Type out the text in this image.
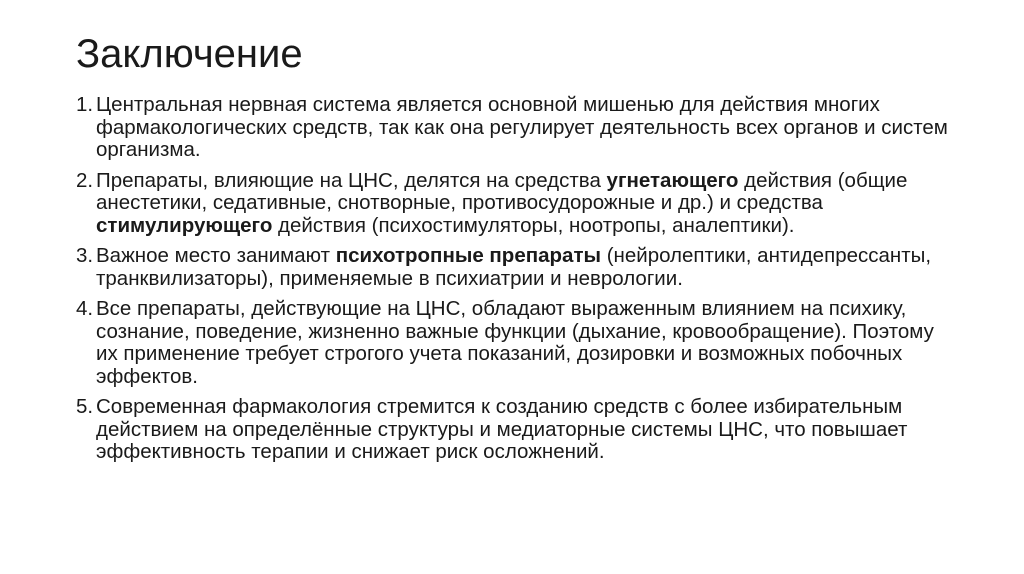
Заключение
1. Центральная нервная система является основной мишенью для действия многих фармакологических средств, так как она регулирует деятельность всех органов и систем организма.
2. Препараты, влияющие на ЦНС, делятся на средства угнетающего действия (общие анестетики, седативные, снотворные, противосудорожные и др.) и средства стимулирующего действия (психостимуляторы, ноотропы, аналептики).
3. Важное место занимают психотропные препараты (нейролептики, антидепрессанты, транквилизаторы), применяемые в психиатрии и неврологии.
4. Все препараты, действующие на ЦНС, обладают выраженным влиянием на психику, сознание, поведение, жизненно важные функции (дыхание, кровообращение). Поэтому их применение требует строгого учета показаний, дозировки и возможных побочных эффектов.
5. Современная фармакология стремится к созданию средств с более избирательным действием на определённые структуры и медиаторные системы ЦНС, что повышает эффективность терапии и снижает риск осложнений.
